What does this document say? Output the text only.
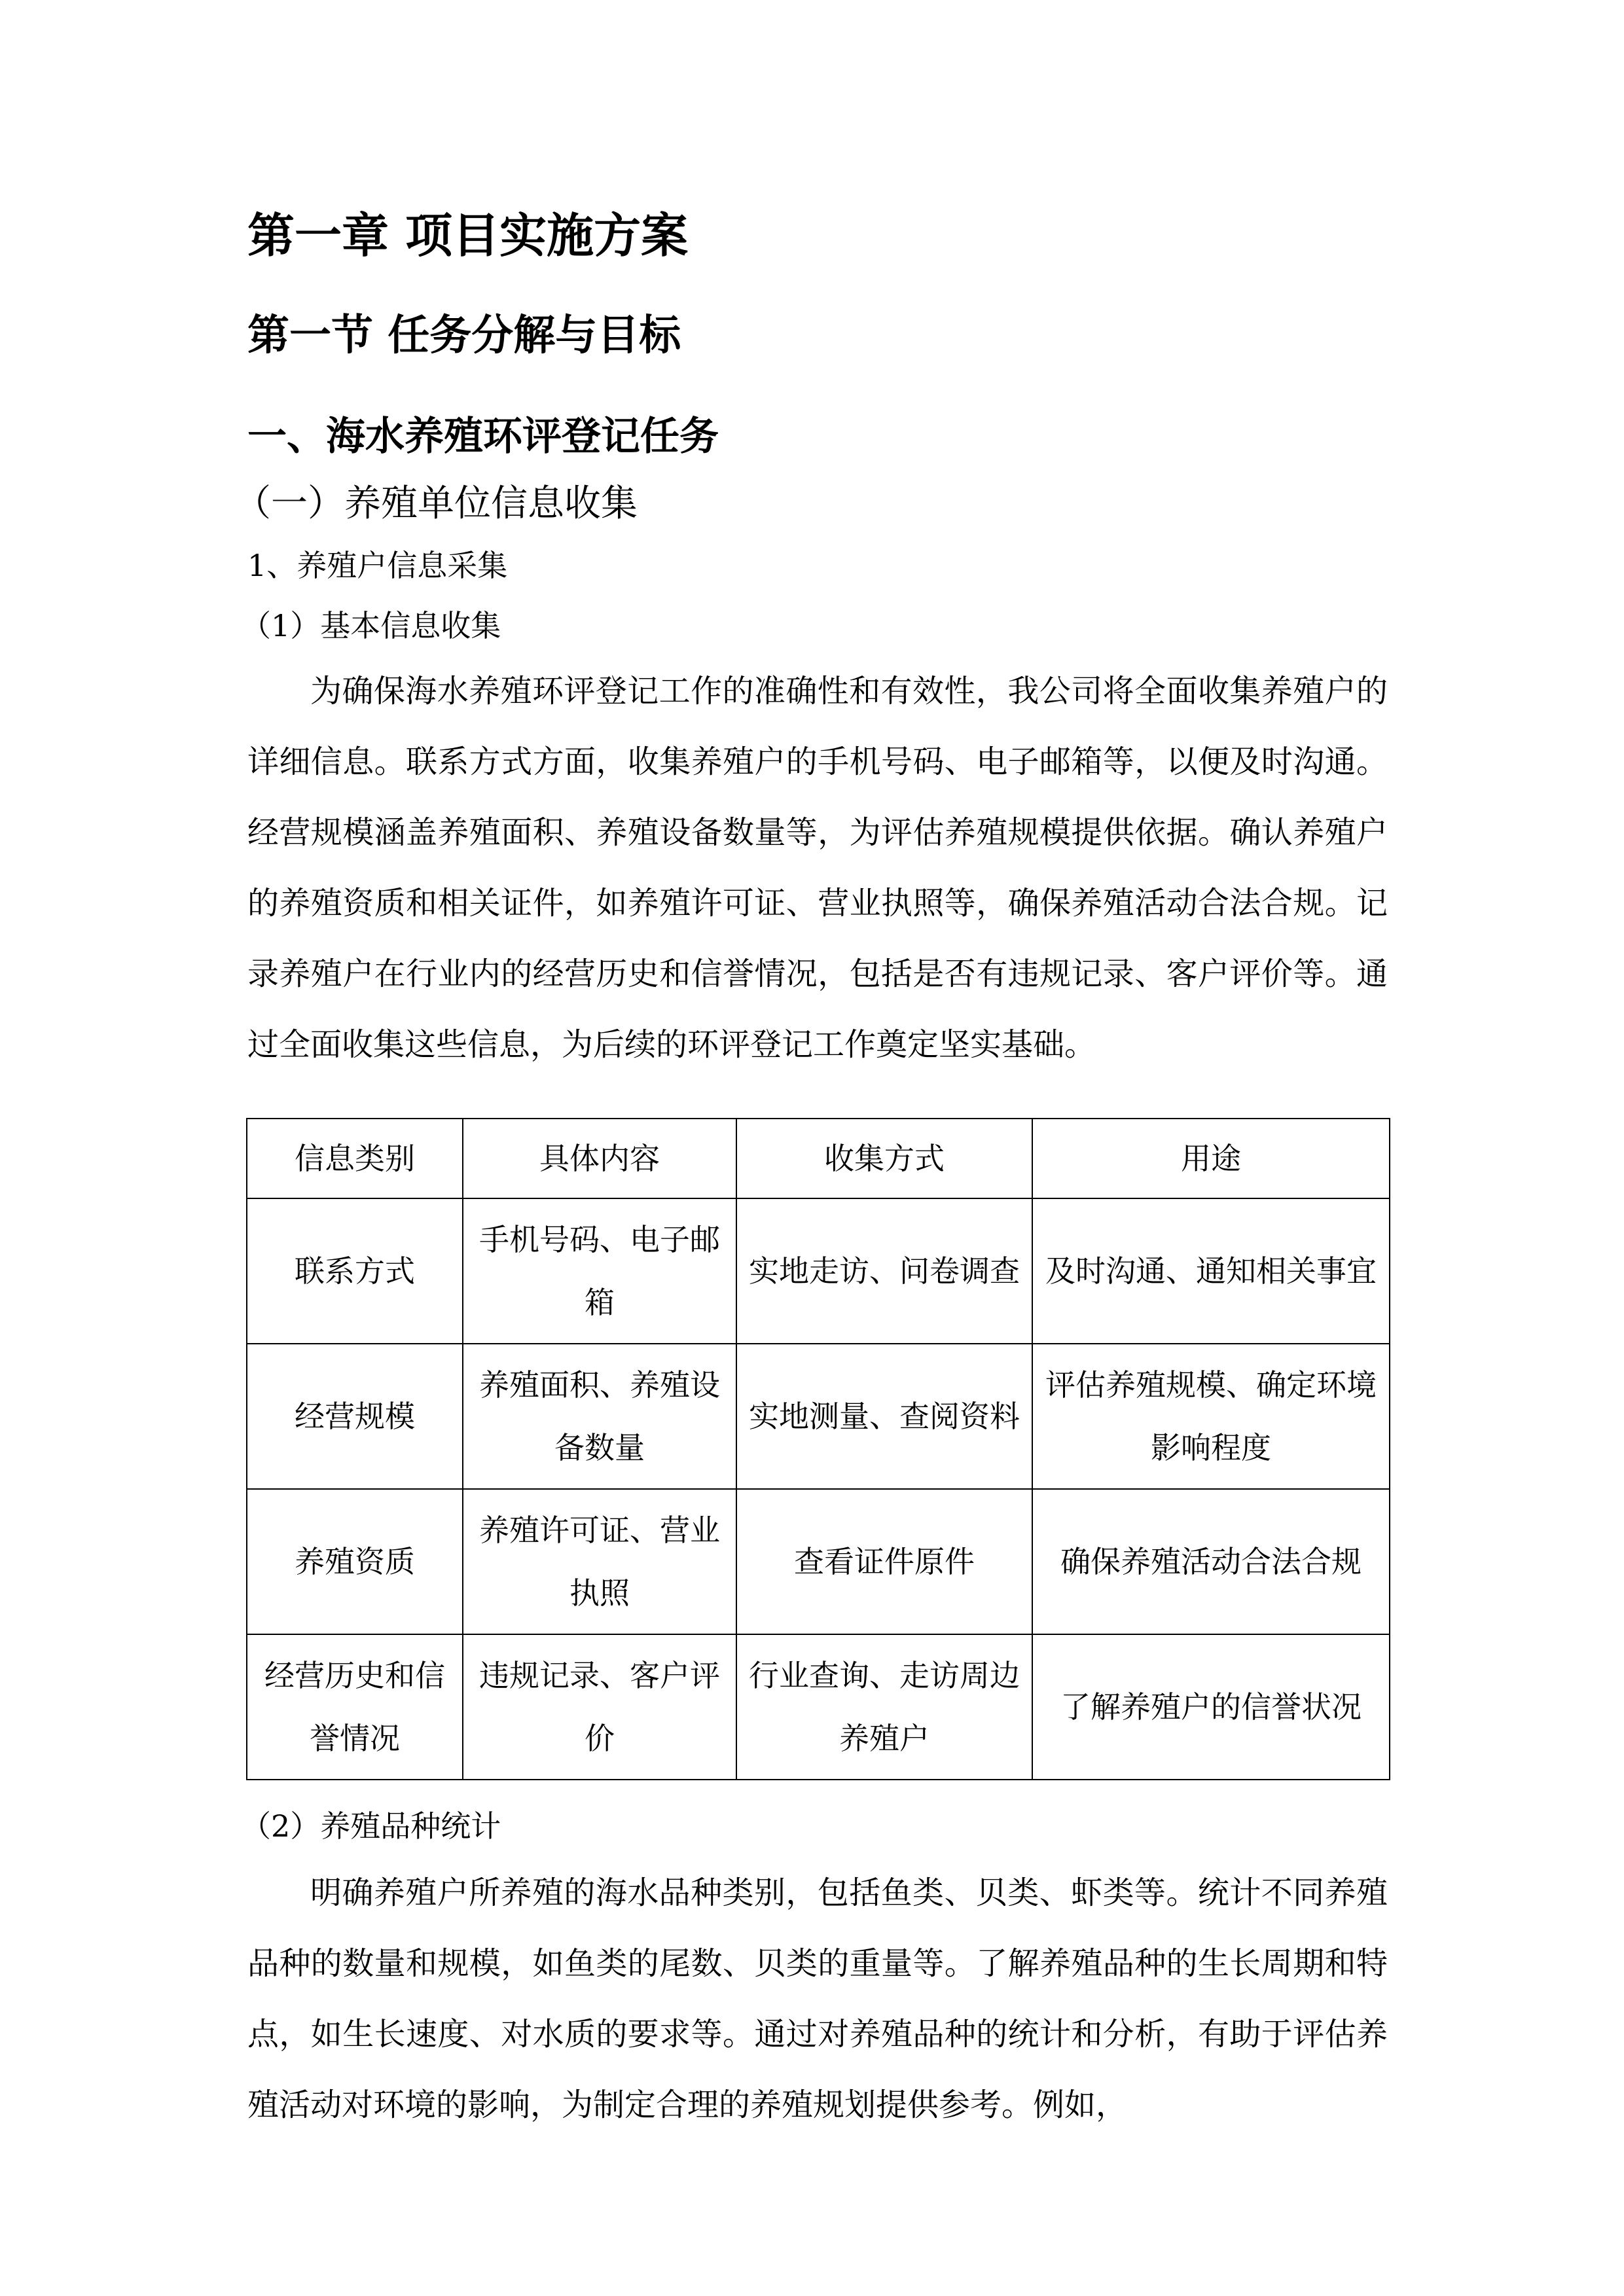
第一章 项目实施方案
第一节 任务分解与目标
一、海水养殖环评登记任务
（一）养殖单位信息收集
1、养殖户信息采集
（1）基本信息收集

为确保海水养殖环评登记工作的准确性和有效性，我公司将全面收集养殖户的详细信息。联系方式方面，收集养殖户的手机号码、电子邮箱等，以便及时沟通。经营规模涵盖养殖面积、养殖设备数量等，为评估养殖规模提供依据。确认养殖户的养殖资质和相关证件，如养殖许可证、营业执照等，确保养殖活动合法合规。记录养殖户在行业内的经营历史和信誉情况，包括是否有违规记录、客户评价等。通过全面收集这些信息，为后续的环评登记工作奠定坚实基础。

信息类别	具体内容	收集方式	用途
联系方式	手机号码、电子邮箱	实地走访、问卷调查	及时沟通、通知相关事宜
经营规模	养殖面积、养殖设备数量	实地测量、查阅资料	评估养殖规模、确定环境影响程度
养殖资质	养殖许可证、营业执照	查看证件原件	确保养殖活动合法合规
经营历史和信誉情况	违规记录、客户评价	行业查询、走访周边养殖户	了解养殖户的信誉状况
（2）养殖品种统计

明确养殖户所养殖的海水品种类别，包括鱼类、贝类、虾类等。统计不同养殖品种的数量和规模，如鱼类的尾数、贝类的重量等。了解养殖品种的生长周期和特点，如生长速度、对水质的要求等。通过对养殖品种的统计和分析，有助于评估养殖活动对环境的影响，为制定合理的养殖规划提供参考。例如，
